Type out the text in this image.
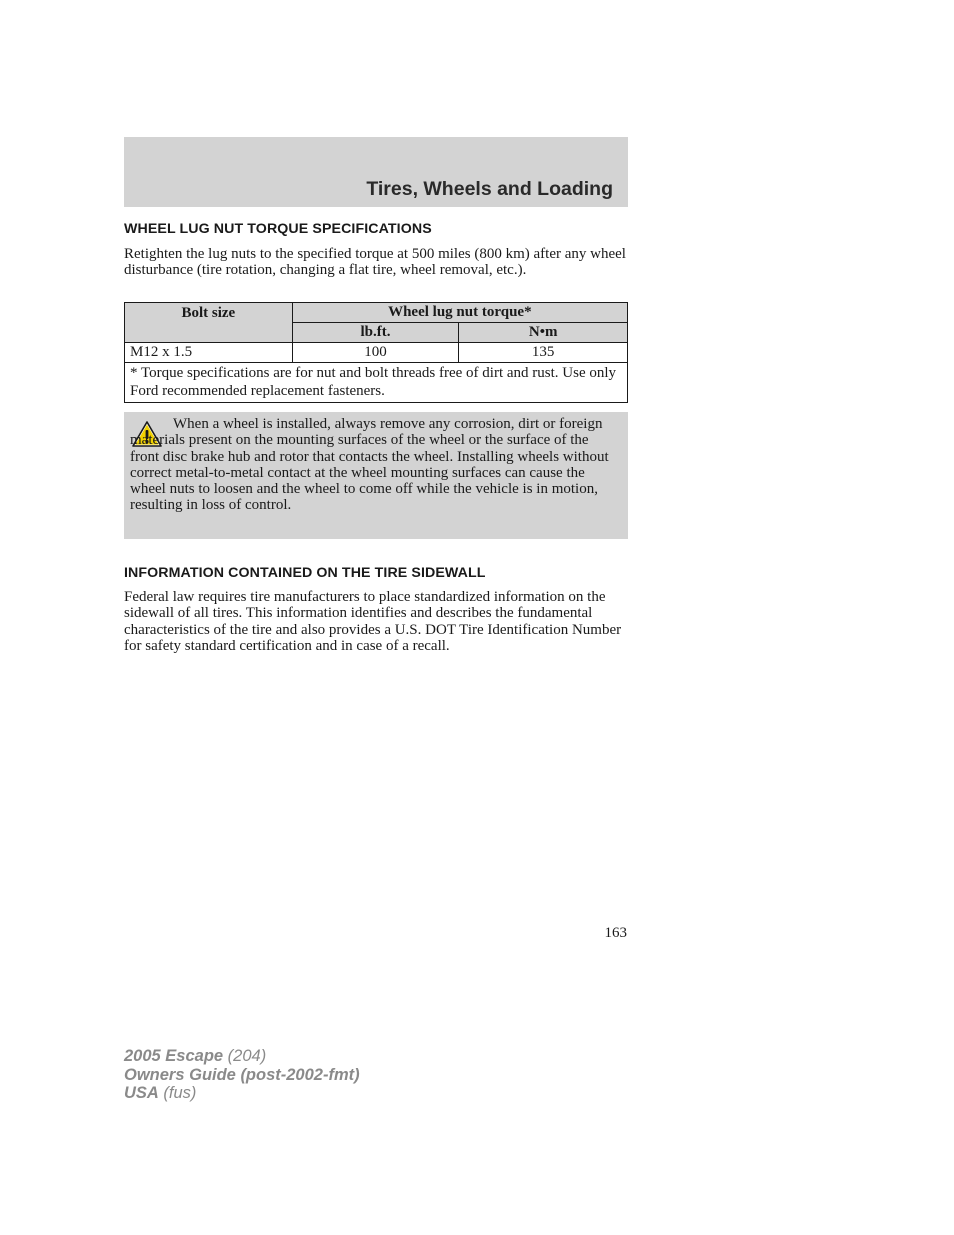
Tires, Wheels and Loading
WHEEL LUG NUT TORQUE SPECIFICATIONS

Retighten the lug nuts to the specified torque at 500 miles (800 km) after any wheel disturbance (tire rotation, changing a flat tire, wheel removal, etc.).

Bolt size	Wheel lug nut torque*	
	lb.ft.	N•m
M12 x 1.5	100	135
* Torque specifications are for nut and bolt threads free of dirt and rust. Use only Ford recommended replacement fasteners.		

When a wheel is installed, always remove any corrosion, dirt or foreign materials present on the mounting surfaces of the wheel or the surface of the front disc brake hub and rotor that contacts the wheel. Installing wheels without correct metal-to-metal contact at the wheel mounting surfaces can cause the wheel nuts to loosen and the wheel to come off while the vehicle is in motion, resulting in loss of control.

INFORMATION CONTAINED ON THE TIRE SIDEWALL

Federal law requires tire manufacturers to place standardized information on the sidewall of all tires. This information identifies and describes the fundamental characteristics of the tire and also provides a U.S. DOT Tire Identification Number for safety standard certification and in case of a recall.

163
2005 Escape (204)
Owners Guide (post-2002-fmt)
USA (fus)
